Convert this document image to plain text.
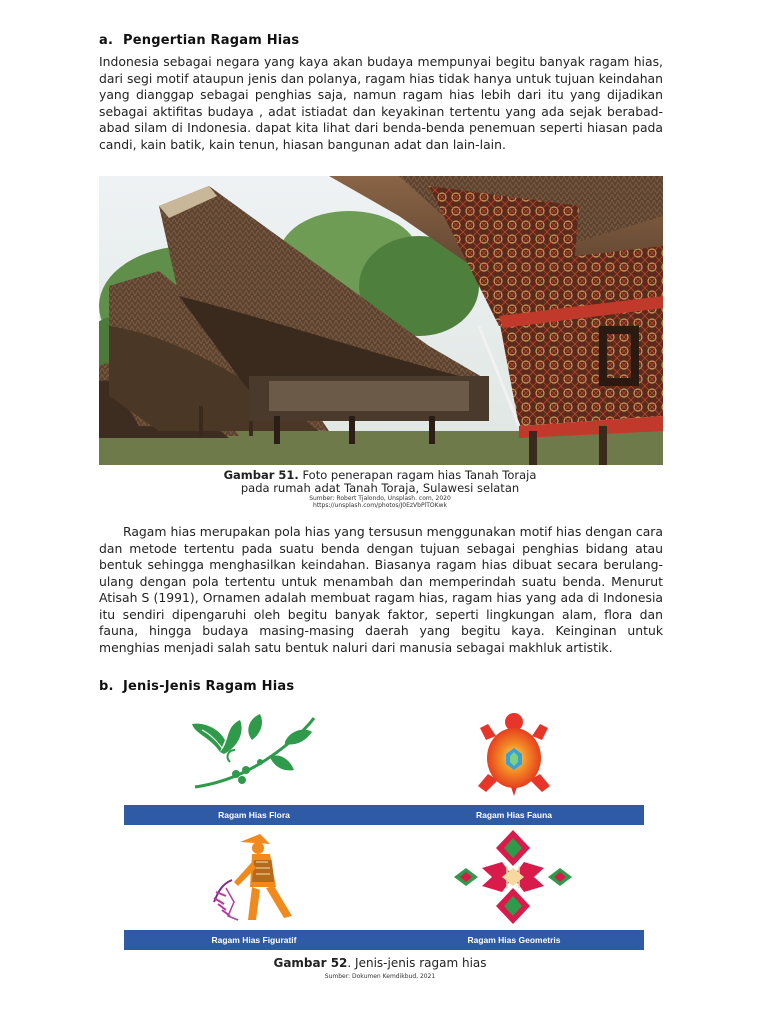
a. Pengertian Ragam Hias

Indonesia sebagai negara yang kaya akan budaya mempunyai begitu banyak ragam hias, dari segi motif ataupun jenis dan polanya, ragam hias tidak hanya untuk tujuan keindahan yang dianggap sebagai penghias saja, namun ragam hias lebih dari itu yang dijadikan sebagai aktifitas budaya , adat istiadat dan keyakinan tertentu yang ada sejak berabad-abad silam di Indonesia. dapat kita lihat dari benda-benda penemuan seperti hiasan pada candi, kain batik, kain tenun, hiasan bangunan adat dan lain-lain.

Gambar 51. Foto penerapan ragam hias Tanah Toraja
pada rumah adat Tanah Toraja, Sulawesi selatan
Sumber: Robert Tjalondo, Unsplash. com, 2020
https://unsplash.com/photos/J0EzVbPlTOKwk

Ragam hias merupakan pola hias yang tersusun menggunakan motif hias dengan cara dan metode tertentu pada suatu benda dengan tujuan sebagai penghias bidang atau bentuk sehingga menghasilkan keindahan. Biasanya ragam hias dibuat secara berulang-ulang dengan pola tertentu untuk menambah dan memperindah suatu benda. Menurut Atisah S (1991), Ornamen adalah membuat ragam hias, ragam hias yang ada di Indonesia itu sendiri dipengaruhi oleh begitu banyak faktor, seperti lingkungan alam, flora dan fauna, hingga budaya masing-masing daerah yang begitu kaya. Keinginan untuk menghias menjadi salah satu bentuk naluri dari manusia sebagai makhluk artistik.

b. Jenis-Jenis Ragam Hias
Ragam Hias Flora	Ragam Hias Fauna
Ragam Hias Figuratif	Ragam Hias Geometris
Gambar 52. Jenis-jenis ragam hias
Sumber: Dokumen Kemdikbud, 2021
